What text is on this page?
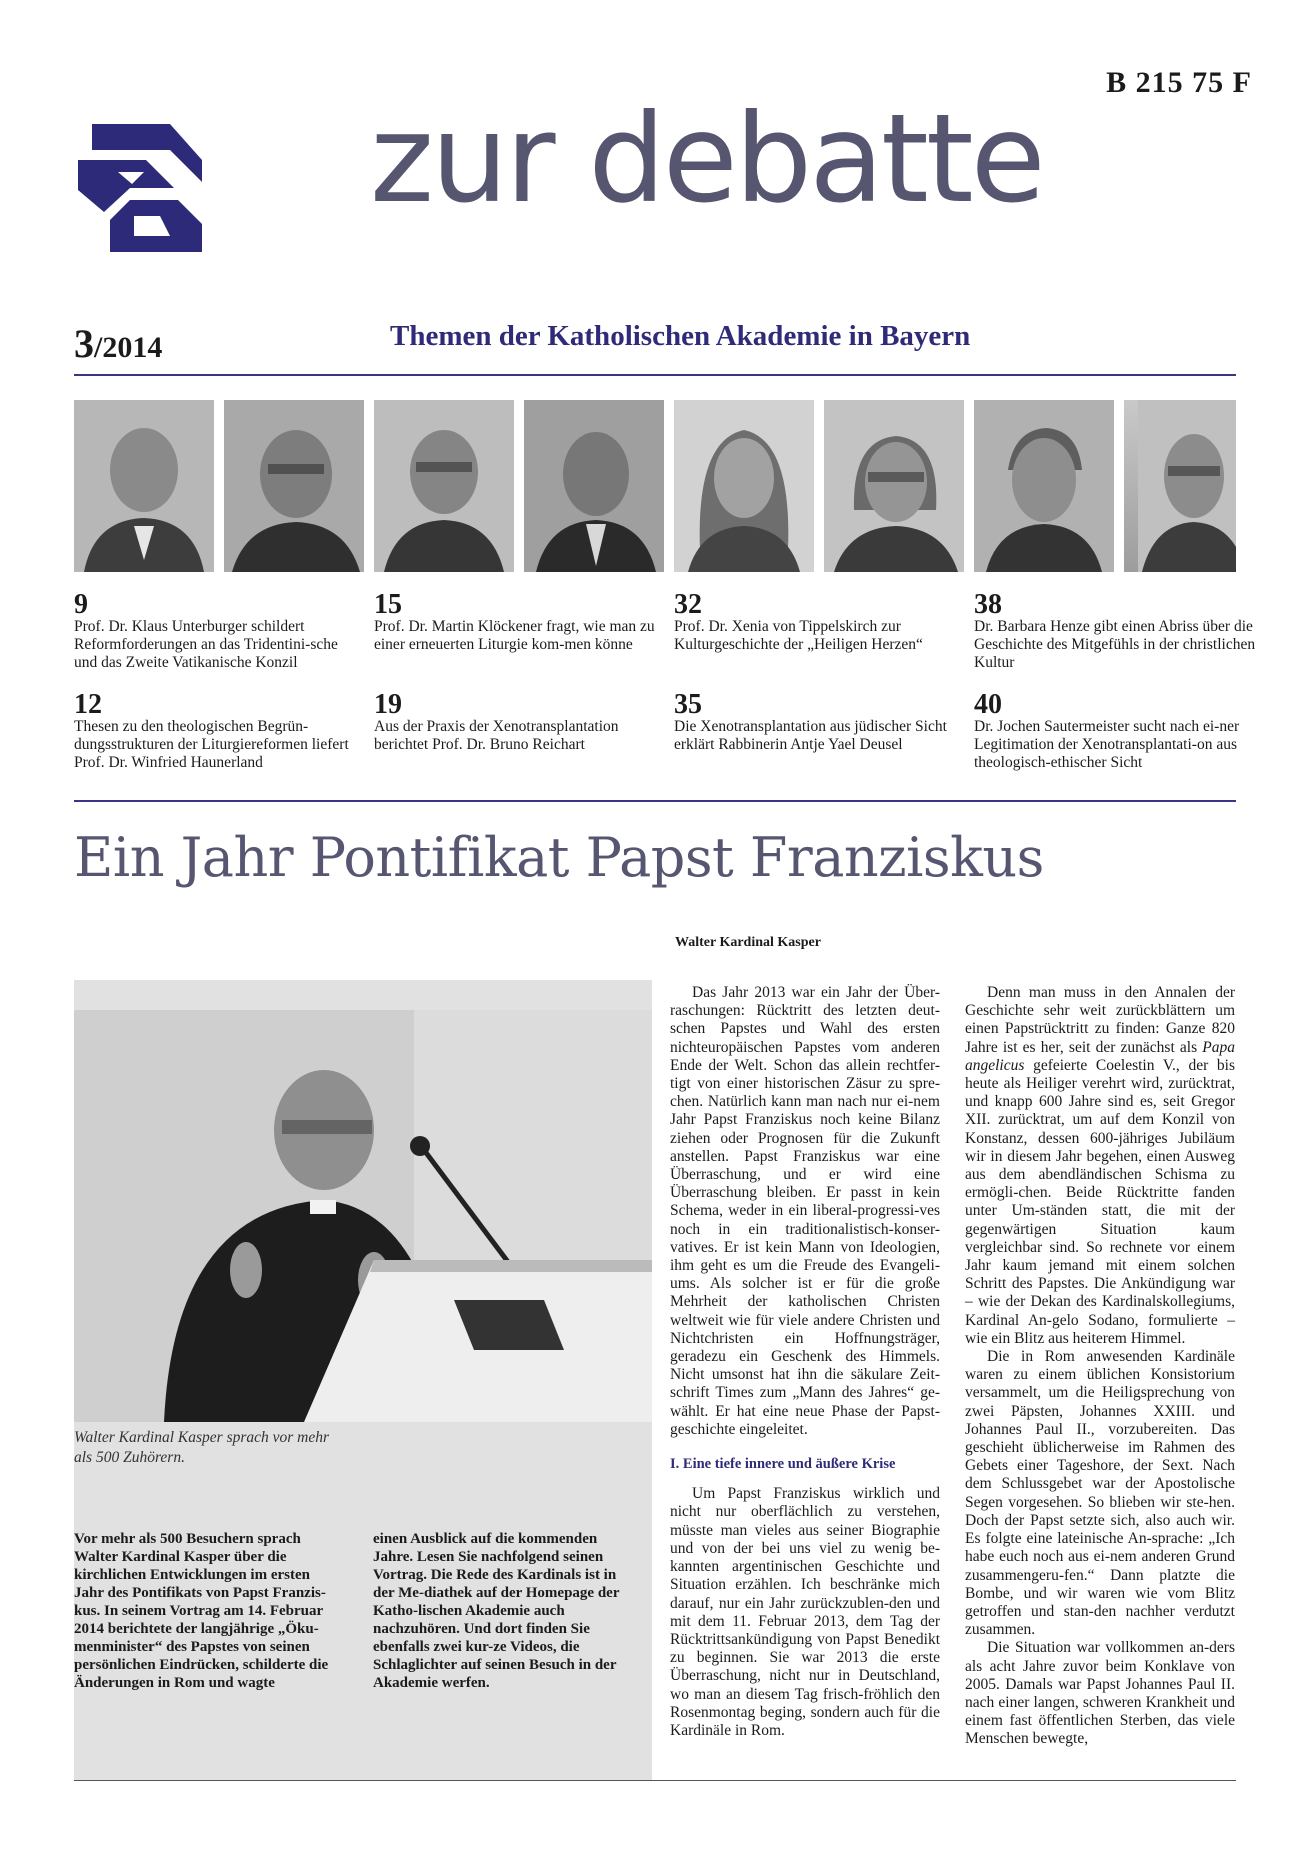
B 215 75 F
zur debatte
3/2014	Themen der Katholischen Akademie in Bayern
9
Prof. Dr. Klaus Unterburger schildert Reformforderungen an das Tridentini-sche und das Zweite Vatikanische Konzil
15
Prof. Dr. Martin Klöckener fragt, wie man zu einer erneuerten Liturgie kom-men könne
32
Prof. Dr. Xenia von Tippelskirch zur Kulturgeschichte der „Heiligen Herzen“
38
Dr. Barbara Henze gibt einen Abriss über die Geschichte des Mitgefühls in der christlichen Kultur
12
Thesen zu den theologischen Begrün-dungsstrukturen der Liturgiereformen liefert Prof. Dr. Winfried Haunerland
19
Aus der Praxis der Xenotransplantation berichtet Prof. Dr. Bruno Reichart
35
Die Xenotransplantation aus jüdischer Sicht erklärt Rabbinerin Antje Yael Deusel
40
Dr. Jochen Sautermeister sucht nach ei-ner Legitimation der Xenotransplantati-on aus theologisch-ethischer Sicht
Ein Jahr Pontifikat Papst Franziskus
Walter Kardinal Kasper
Walter Kardinal Kasper sprach vor mehr als 500 Zuhörern.
Vor mehr als 500 Besuchern sprach Walter Kardinal Kasper über die kirchlichen Entwicklungen im ersten Jahr des Pontifikats von Papst Franzis-kus. In seinem Vortrag am 14. Februar 2014 berichtete der langjährige „Öku-menminister“ des Papstes von seinen persönlichen Eindrücken, schilderte die Änderungen in Rom und wagte
einen Ausblick auf die kommenden Jahre. Lesen Sie nachfolgend seinen Vortrag. Die Rede des Kardinals ist in der Me-diathek auf der Homepage der Katho-lischen Akademie auch nachzuhören. Und dort finden Sie ebenfalls zwei kur-ze Videos, die Schlaglichter auf seinen Besuch in der Akademie werfen.

Das Jahr 2013 war ein Jahr der Über-raschungen: Rücktritt des letzten deut-schen Papstes und Wahl des ersten nichteuropäischen Papstes vom anderen Ende der Welt. Schon das allein rechtfer-tigt von einer historischen Zäsur zu spre-chen. Natürlich kann man nach nur ei-nem Jahr Papst Franziskus noch keine Bilanz ziehen oder Prognosen für die Zukunft anstellen. Papst Franziskus war eine Überraschung, und er wird eine Überraschung bleiben. Er passt in kein Schema, weder in ein liberal-progressi-ves noch in ein traditionalistisch-konser-vatives. Er ist kein Mann von Ideologien, ihm geht es um die Freude des Evangeli-ums. Als solcher ist er für die große Mehrheit der katholischen Christen weltweit wie für viele andere Christen und Nichtchristen ein Hoffnungsträger, geradezu ein Geschenk des Himmels. Nicht umsonst hat ihn die säkulare Zeit-schrift Times zum „Mann des Jahres“ ge-wählt. Er hat eine neue Phase der Papst-geschichte eingeleitet.

I. Eine tiefe innere und äußere Krise

Um Papst Franziskus wirklich und nicht nur oberflächlich zu verstehen, müsste man vieles aus seiner Biographie und von der bei uns viel zu wenig be-kannten argentinischen Geschichte und Situation erzählen. Ich beschränke mich darauf, nur ein Jahr zurückzublen-den und mit dem 11. Februar 2013, dem Tag der Rücktrittsankündigung von Papst Benedikt zu beginnen. Sie war 2013 die erste Überraschung, nicht nur in Deutschland, wo man an diesem Tag frisch-fröhlich den Rosenmontag beging, sondern auch für die Kardinäle in Rom.

Denn man muss in den Annalen der Geschichte sehr weit zurückblättern um einen Papstrücktritt zu finden: Ganze 820 Jahre ist es her, seit der zunächst als Papa angelicus gefeierte Coelestin V., der bis heute als Heiliger verehrt wird, zurücktrat, und knapp 600 Jahre sind es, seit Gregor XII. zurücktrat, um auf dem Konzil von Konstanz, dessen 600-jähriges Jubiläum wir in diesem Jahr begehen, einen Ausweg aus dem abendländischen Schisma zu ermögli-chen. Beide Rücktritte fanden unter Um-ständen statt, die mit der gegenwärtigen Situation kaum vergleichbar sind. So rechnete vor einem Jahr kaum jemand mit einem solchen Schritt des Papstes. Die Ankündigung war – wie der Dekan des Kardinalskollegiums, Kardinal An-gelo Sodano, formulierte – wie ein Blitz aus heiterem Himmel.

Die in Rom anwesenden Kardinäle waren zu einem üblichen Konsistorium versammelt, um die Heiligsprechung von zwei Päpsten, Johannes XXIII. und Johannes Paul II., vorzubereiten. Das geschieht üblicherweise im Rahmen des Gebets einer Tageshore, der Sext. Nach dem Schlussgebet war der Apostolische Segen vorgesehen. So blieben wir ste-hen. Doch der Papst setzte sich, also auch wir. Es folgte eine lateinische An-sprache: „Ich habe euch noch aus ei-nem anderen Grund zusammengeru-fen.“ Dann platzte die Bombe, und wir waren wie vom Blitz getroffen und stan-den nachher verdutzt zusammen.

Die Situation war vollkommen an-ders als acht Jahre zuvor beim Konklave von 2005. Damals war Papst Johannes Paul II. nach einer langen, schweren Krankheit und einem fast öffentlichen Sterben, das viele Menschen bewegte,
